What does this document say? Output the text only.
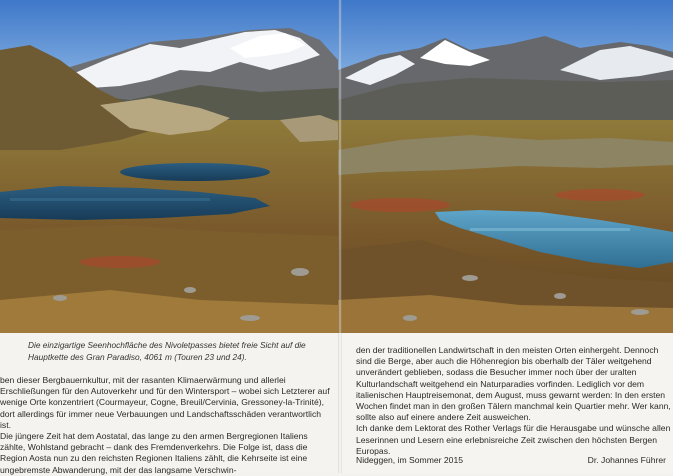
Die einzigartige Seenhochfläche des Nivoletpasses bietet freie Sicht auf die Hauptkette des Gran Paradiso, 4061 m (Touren 23 und 24).

ben dieser Bergbauernkultur, mit der rasanten Klimaerwärmung und allerlei Erschließungen für den Autoverkehr und für den Wintersport – wobei sich Letzterer auf wenige Orte konzentriert (Courmayeur, Cogne, Breuil/Cervinia, Gressoney-la-Trinité), dort allerdings für immer neue Verbauungen und Landschaftsschäden verantwortlich ist.

Die jüngere Zeit hat dem Aostatal, das lange zu den armen Bergregionen Italiens zählte, Wohlstand gebracht – dank des Fremdenverkehrs. Die Folge ist, dass die Region Aosta nun zu den reichsten Regionen Italiens zählt, die Kehrseite ist eine ungebremste Abwanderung, mit der das langsame Verschwin-

den der traditionellen Landwirtschaft in den meisten Orten einhergeht. Dennoch sind die Berge, aber auch die Höhenregion bis oberhalb der Täler weitgehend unverändert geblieben, sodass die Besucher immer noch über der uralten Kulturlandschaft weitgehend ein Naturparadies vorfinden. Lediglich vor dem italienischen Hauptreisemonat, dem August, muss gewarnt werden: In den ersten Wochen findet man in den großen Tälern manchmal kein Quartier mehr. Wer kann, sollte also auf einere andere Zeit ausweichen.

Ich danke dem Lektorat des Rother Verlags für die Herausgabe und wünsche allen Leserinnen und Lesern eine erlebnisreiche Zeit zwischen den höchsten Bergen Europas.

Nideggen, im Sommer 2015	Dr. Johannes Führer
